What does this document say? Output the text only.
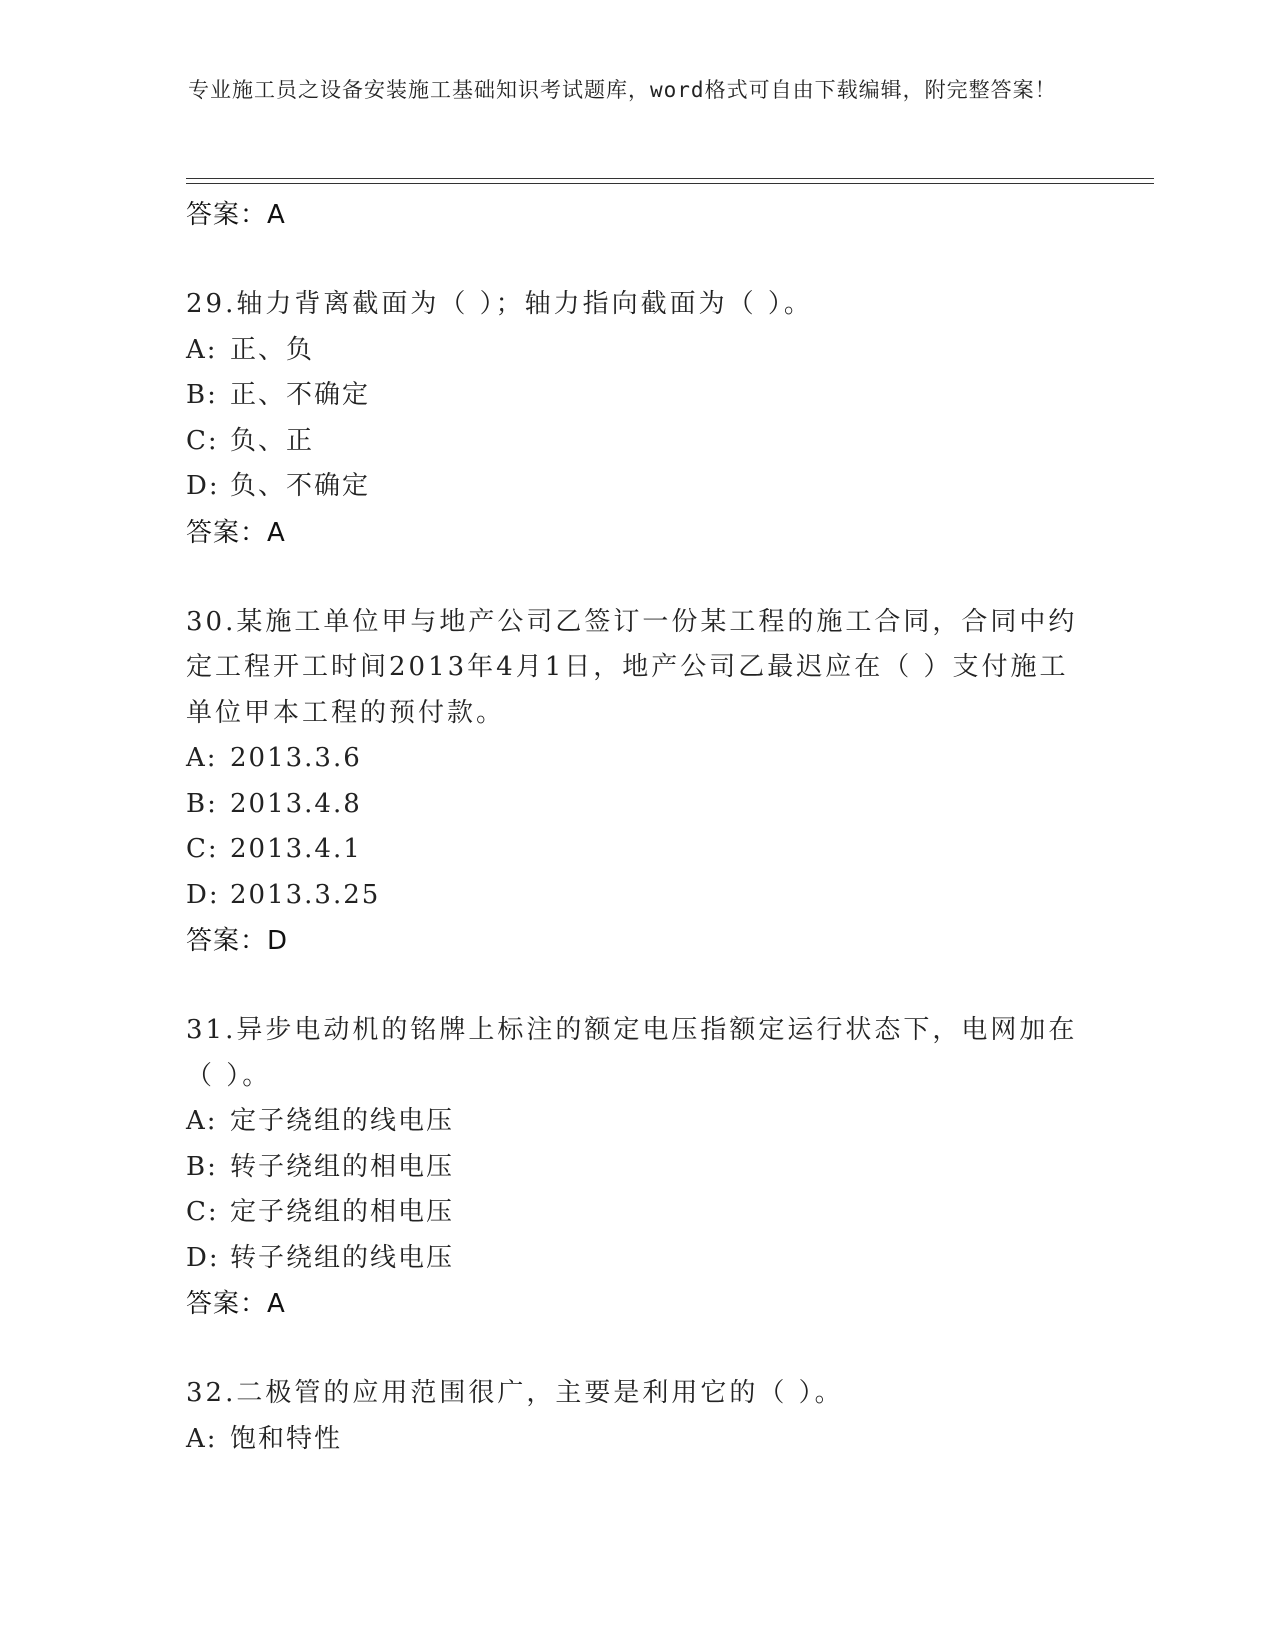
专业施工员之设备安装施工基础知识考试题库，word格式可自由下载编辑，附完整答案！
答案：A
29.轴力背离截面为（ ）；轴力指向截面为（ ）。
A: 正、负
B: 正、不确定
C: 负、正
D: 负、不确定
答案：A
30.某施工单位甲与地产公司乙签订一份某工程的施工合同，合同中约定工程开工时间2013年4月1日，地产公司乙最迟应在（ ）支付施工单位甲本工程的预付款。
A: 2013.3.6
B: 2013.4.8
C: 2013.4.1
D: 2013.3.25
答案：D
31.异步电动机的铭牌上标注的额定电压指额定运行状态下，电网加在（ ）。
A: 定子绕组的线电压
B: 转子绕组的相电压
C: 定子绕组的相电压
D: 转子绕组的线电压
答案：A
32.二极管的应用范围很广，主要是利用它的（ ）。
A: 饱和特性
